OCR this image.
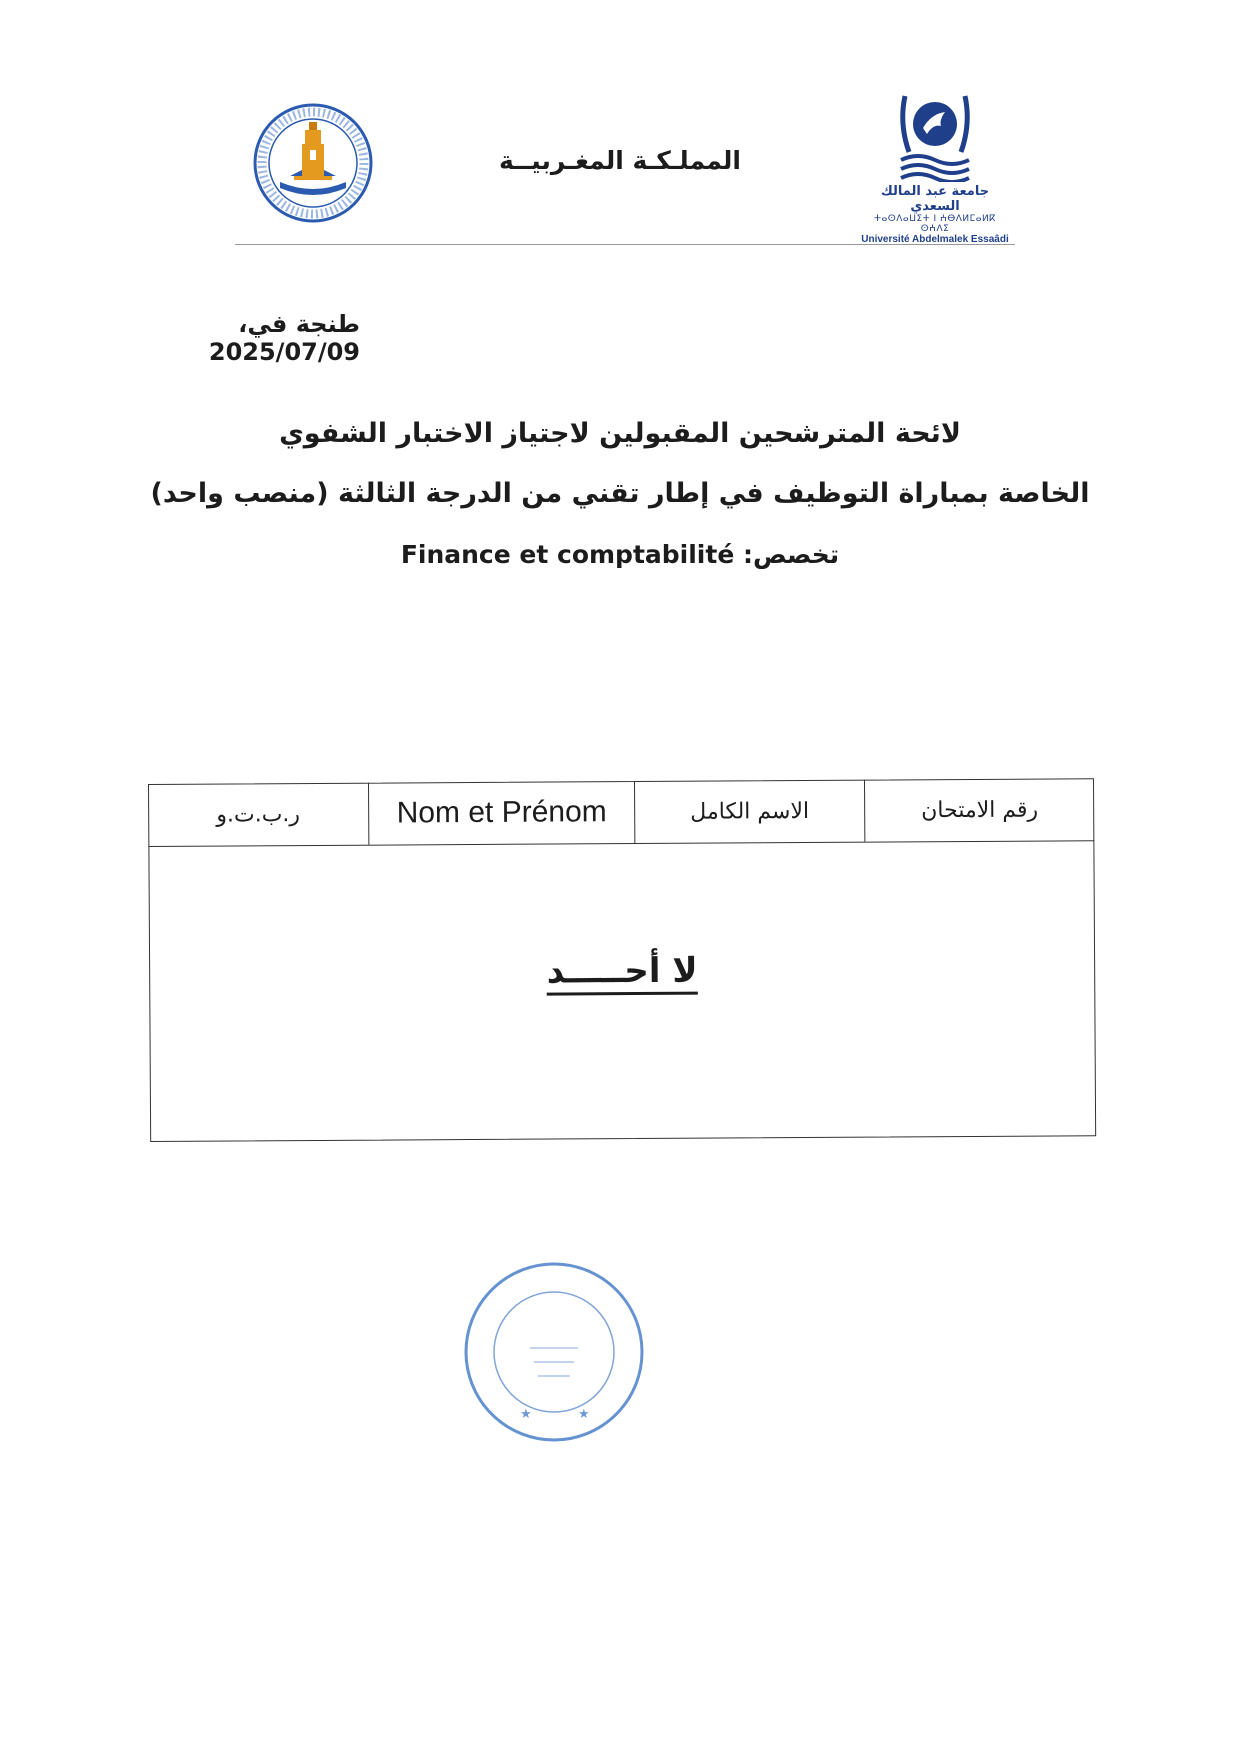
المملـكـة المغـربيــة
جامعة عبد المالك السعدي
ⵜⴰⵙⴷⴰⵡⵉⵜ ⵏ ⵄⴱⴷⵍⵎⴰⵍⴽ ⵙⵄⴷⵉ
Université Abdelmalek Essaâdi
طنجة في، 2025/07/09
لائحة المترشحين المقبولين لاجتياز الاختبار الشفوي
الخاصة بمباراة التوظيف في إطار تقني من الدرجة الثالثة (منصب واحد)
تخصص: Finance et comptabilité
ر.ب.ت.و	Nom et Prénom	الاسم الكامل	رقم الامتحان
لا أحـــــد
★	★
